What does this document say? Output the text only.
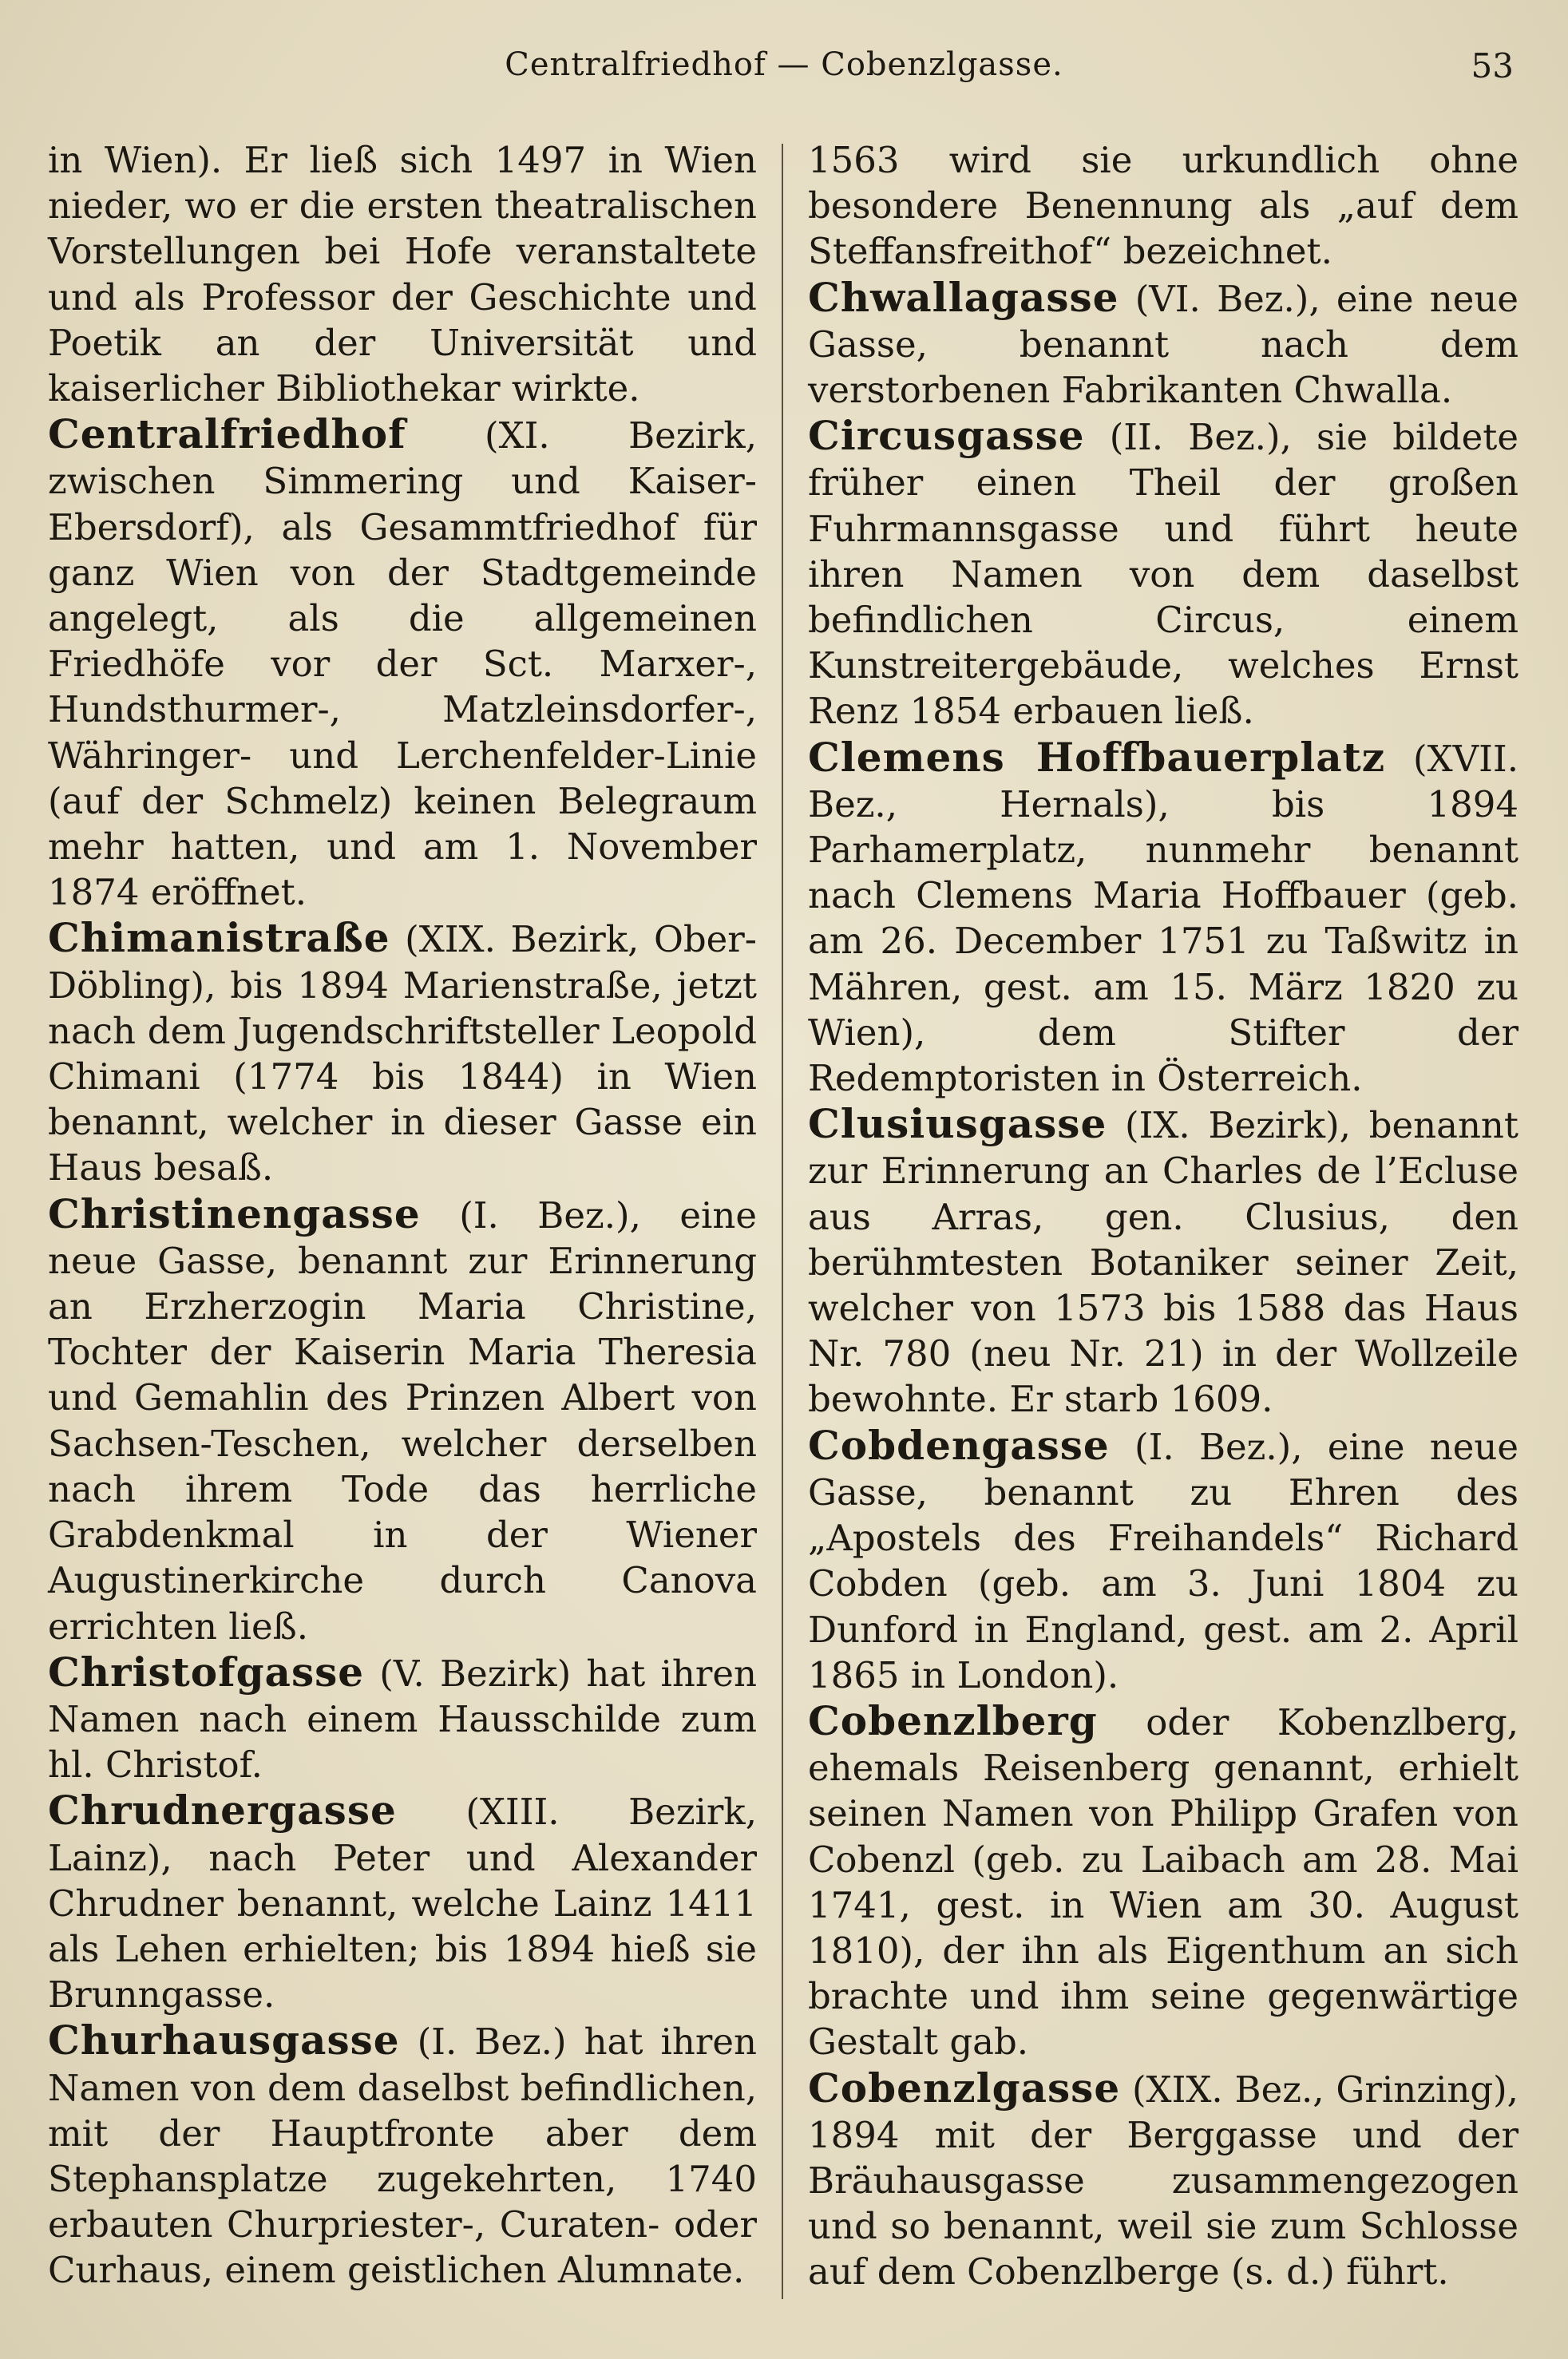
Centralfriedhof — Cobenzlgasse.	53
in Wien). Er ließ sich 1497 in Wien nieder, wo er die ersten theatralischen Vorstellungen bei Hofe veranstaltete und als Professor der Geschichte und Poetik an der Universität und kaiserlicher Bibliothekar wirkte.
Centralfriedhof (XI. Bezirk, zwischen Simmering und Kaiser-Ebersdorf), als Gesammtfriedhof für ganz Wien von der Stadtgemeinde angelegt, als die allgemeinen Friedhöfe vor der Sct. Marxer-, Hundsthurmer-, Matzleinsdorfer-, Währinger- und Lerchenfelder-Linie (auf der Schmelz) keinen Belegraum mehr hatten, und am 1. November 1874 eröffnet.
Chimanistraße (XIX. Bezirk, Ober-Döbling), bis 1894 Marienstraße, jetzt nach dem Jugendschriftsteller Leopold Chimani (1774 bis 1844) in Wien benannt, welcher in dieser Gasse ein Haus besaß.
Christinengasse (I. Bez.), eine neue Gasse, benannt zur Erinnerung an Erzherzogin Maria Christine, Tochter der Kaiserin Maria Theresia und Gemahlin des Prinzen Albert von Sachsen-Teschen, welcher derselben nach ihrem Tode das herrliche Grabdenkmal in der Wiener Augustinerkirche durch Canova errichten ließ.
Christofgasse (V. Bezirk) hat ihren Namen nach einem Hausschilde zum hl. Christof.
Chrudnergasse (XIII. Bezirk, Lainz), nach Peter und Alexander Chrudner benannt, welche Lainz 1411 als Lehen erhielten; bis 1894 hieß sie Brunngasse.
Churhausgasse (I. Bez.) hat ihren Namen von dem daselbst befindlichen, mit der Hauptfronte aber dem Stephansplatze zugekehrten, 1740 erbauten Churpriester-, Curaten- oder Curhaus, einem geistlichen Alumnate.
1563 wird sie urkundlich ohne besondere Benennung als „auf dem Steffansfreithof“ bezeichnet.
Chwallagasse (VI. Bez.), eine neue Gasse, benannt nach dem verstorbenen Fabrikanten Chwalla.
Circusgasse (II. Bez.), sie bildete früher einen Theil der großen Fuhrmannsgasse und führt heute ihren Namen von dem daselbst befindlichen Circus, einem Kunstreitergebäude, welches Ernst Renz 1854 erbauen ließ.
Clemens Hoffbauerplatz (XVII. Bez., Hernals), bis 1894 Parhamerplatz, nunmehr benannt nach Clemens Maria Hoffbauer (geb. am 26. December 1751 zu Taßwitz in Mähren, gest. am 15. März 1820 zu Wien), dem Stifter der Redemptoristen in Österreich.
Clusiusgasse (IX. Bezirk), benannt zur Erinnerung an Charles de l’Ecluse aus Arras, gen. Clusius, den berühmtesten Botaniker seiner Zeit, welcher von 1573 bis 1588 das Haus Nr. 780 (neu Nr. 21) in der Wollzeile bewohnte. Er starb 1609.
Cobdengasse (I. Bez.), eine neue Gasse, benannt zu Ehren des „Apostels des Freihandels“ Richard Cobden (geb. am 3. Juni 1804 zu Dunford in England, gest. am 2. April 1865 in London).
Cobenzlberg oder Kobenzlberg, ehemals Reisenberg genannt, erhielt seinen Namen von Philipp Grafen von Cobenzl (geb. zu Laibach am 28. Mai 1741, gest. in Wien am 30. August 1810), der ihn als Eigenthum an sich brachte und ihm seine gegenwärtige Gestalt gab.
Cobenzlgasse (XIX. Bez., Grinzing), 1894 mit der Berggasse und der Bräuhausgasse zusammengezogen und so benannt, weil sie zum Schlosse auf dem Cobenzlberge (s. d.) führt.
